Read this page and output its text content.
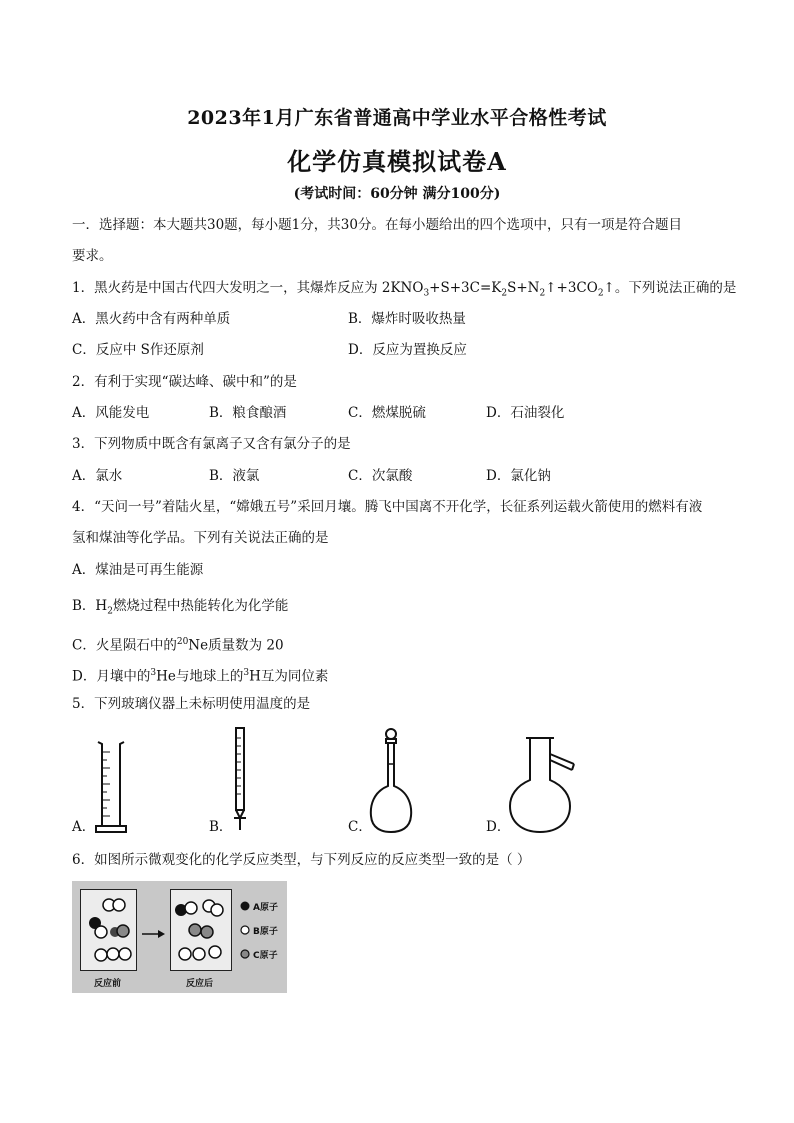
2023年1月广东省普通高中学业水平合格性考试
化学仿真模拟试卷A
(考试时间：60分钟 满分100分)
一．选择题：本大题共30题，每小题1分，共30分。在每小题给出的四个选项中，只有一项是符合题目
要求。
1．黑火药是中国古代四大发明之一，其爆炸反应为 $2KNO_3+S+3C=K_2S+N_2↑+3CO_2↑$。下列说法正确的是
A．黑火药中含有两种单质	B．爆炸时吸收热量
C．反应中 S作还原剂	D．反应为置换反应
2．有利于实现“碳达峰、碳中和”的是
A．风能发电	B．粮食酿酒	C．燃煤脱硫	D．石油裂化
3．下列物质中既含有氯离子又含有氯分子的是
A．氯水	B．液氯	C．次氯酸	D．氯化钠
4．“天问一号”着陆火星，“嫦娥五号”采回月壤。腾飞中国离不开化学，长征系列运载火箭使用的燃料有液
氢和煤油等化学品。下列有关说法正确的是
A．煤油是可再生能源
B．$H_2$燃烧过程中热能转化为化学能
C．火星陨石中的$^{20}$Ne质量数为 20
D．月壤中的$^3$He与地球上的$^3$H互为同位素
5．下列玻璃仪器上未标明使用温度的是
A．	B．	C．	D．
6．如图所示微观变化的化学反应类型，与下列反应的反应类型一致的是（ ）
反应前	反应后
A原子
B原子
C原子
